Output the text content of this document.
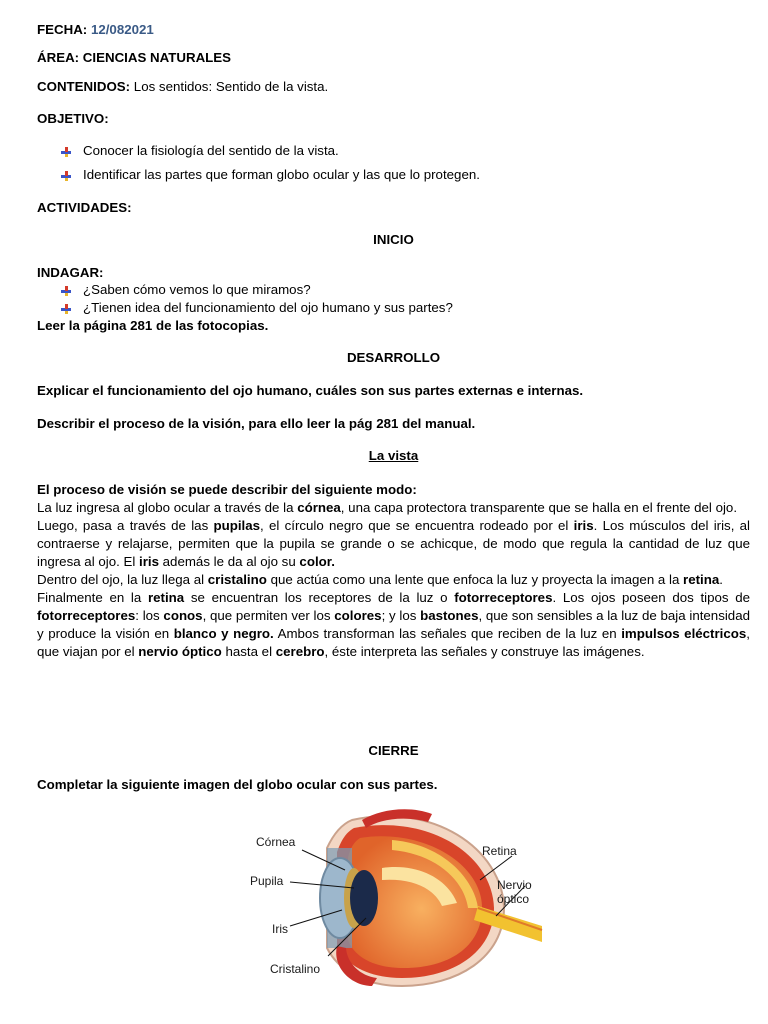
FECHA: 12/082021
ÁREA: CIENCIAS NATURALES
CONTENIDOS: Los sentidos: Sentido de la vista.
OBJETIVO:
Conocer la fisiología del sentido de la vista.
Identificar las partes que forman globo ocular y las que lo protegen.
ACTIVIDADES:
INICIO
INDAGAR:
¿Saben cómo vemos lo que miramos?
¿Tienen idea del funcionamiento del ojo humano y sus partes?
Leer la página 281 de las fotocopias.
DESARROLLO
Explicar el funcionamiento del ojo humano, cuáles son sus partes externas e internas.
Describir el proceso de la visión, para ello leer la pág 281 del manual.
La vista

El proceso de visión se puede describir del siguiente modo:

La luz ingresa al globo ocular a través de la córnea, una capa protectora transparente que se halla en el frente del ojo.

Luego, pasa a través de las pupilas, el círculo negro que se encuentra rodeado por el iris. Los músculos del iris, al contraerse y relajarse, permiten que la pupila se grande o se achicque, de modo que regula la cantidad de luz que ingresa al ojo. El iris además le da al ojo su color.

Dentro del ojo, la luz llega al cristalino que actúa como una lente que enfoca la luz y proyecta la imagen a la retina.

Finalmente en la retina se encuentran los receptores de la luz o fotorreceptores. Los ojos poseen dos tipos de fotorreceptores: los conos, que permiten ver los colores; y los bastones, que son sensibles a la luz de baja intensidad y produce la visión en blanco y negro. Ambos transforman las señales que reciben de la luz en impulsos eléctricos, que viajan por el nervio óptico hasta el cerebro, éste interpreta las señales y construye las imágenes.

CIERRE
Completar la siguiente imagen del globo ocular con sus partes.
Córnea
Pupila
Iris
Cristalino
Retina
Nervio
óptico
